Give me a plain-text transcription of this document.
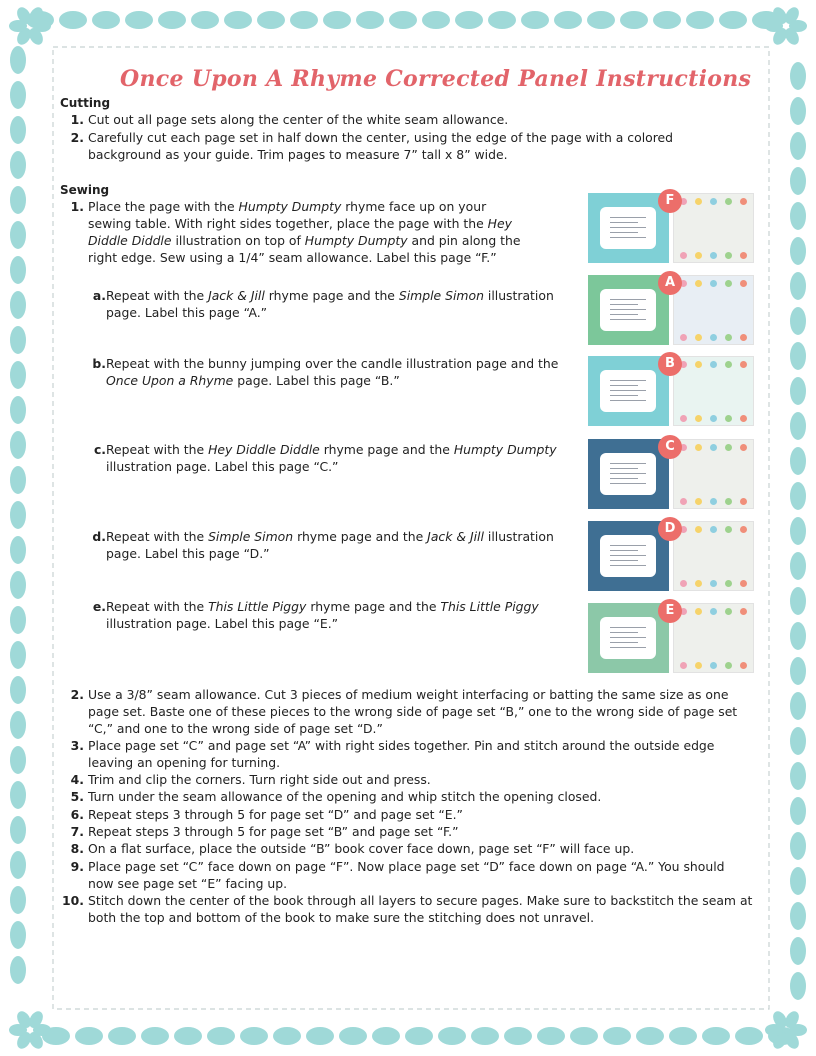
Once Upon A Rhyme Corrected Panel Instructions
Cutting
1. Cut out all page sets along the center of the white seam allowance.
2. Carefully cut each page set in half down the center, using the edge of the page with a colored background as your guide. Trim pages to measure 7” tall x 8” wide.
Sewing
1. Place the page with the Humpty Dumpty rhyme face up on your sewing table. With right sides together, place the page with the Hey Diddle Diddle illustration on top of Humpty Dumpty and pin along the right edge. Sew using a 1/4” seam allowance. Label this page “F.”
a. Repeat with the Jack & Jill rhyme page and the Simple Simon illustration page. Label this page “A.”
b. Repeat with the bunny jumping over the candle illustration page and the Once Upon a Rhyme page. Label this page “B.”
c. Repeat with the Hey Diddle Diddle rhyme page and the Humpty Dumpty illustration page. Label this page “C.”
d. Repeat with the Simple Simon rhyme page and the Jack & Jill illustration page. Label this page “D.”
e. Repeat with the This Little Piggy rhyme page and the This Little Piggy illustration page. Label this page “E.”
2. Use a 3/8” seam allowance. Cut 3 pieces of medium weight interfacing or batting the same size as one page set. Baste one of these pieces to the wrong side of page set “B,” one to the wrong side of page set “C,” and one to the wrong side of page set “D.”
3. Place page set “C” and page set “A” with right sides together. Pin and stitch around the outside edge leaving an opening for turning.
4. Trim and clip the corners. Turn right side out and press.
5. Turn under the seam allowance of the opening and whip stitch the opening closed.
6. Repeat steps 3 through 5 for page set “D” and page set “E.”
7. Repeat steps 3 through 5 for page set “B” and page set “F.”
8. On a flat surface, place the outside “B” book cover face down, page set “F” will face up.
9. Place page set “C” face down on page “F”. Now place page set “D” face down on page “A.” You should now see page set “E” facing up.
10. Stitch down the center of the book through all layers to secure pages. Make sure to backstitch the seam at both the top and bottom of the book to make sure the stitching does not unravel.
F
A
B
C
D
E
